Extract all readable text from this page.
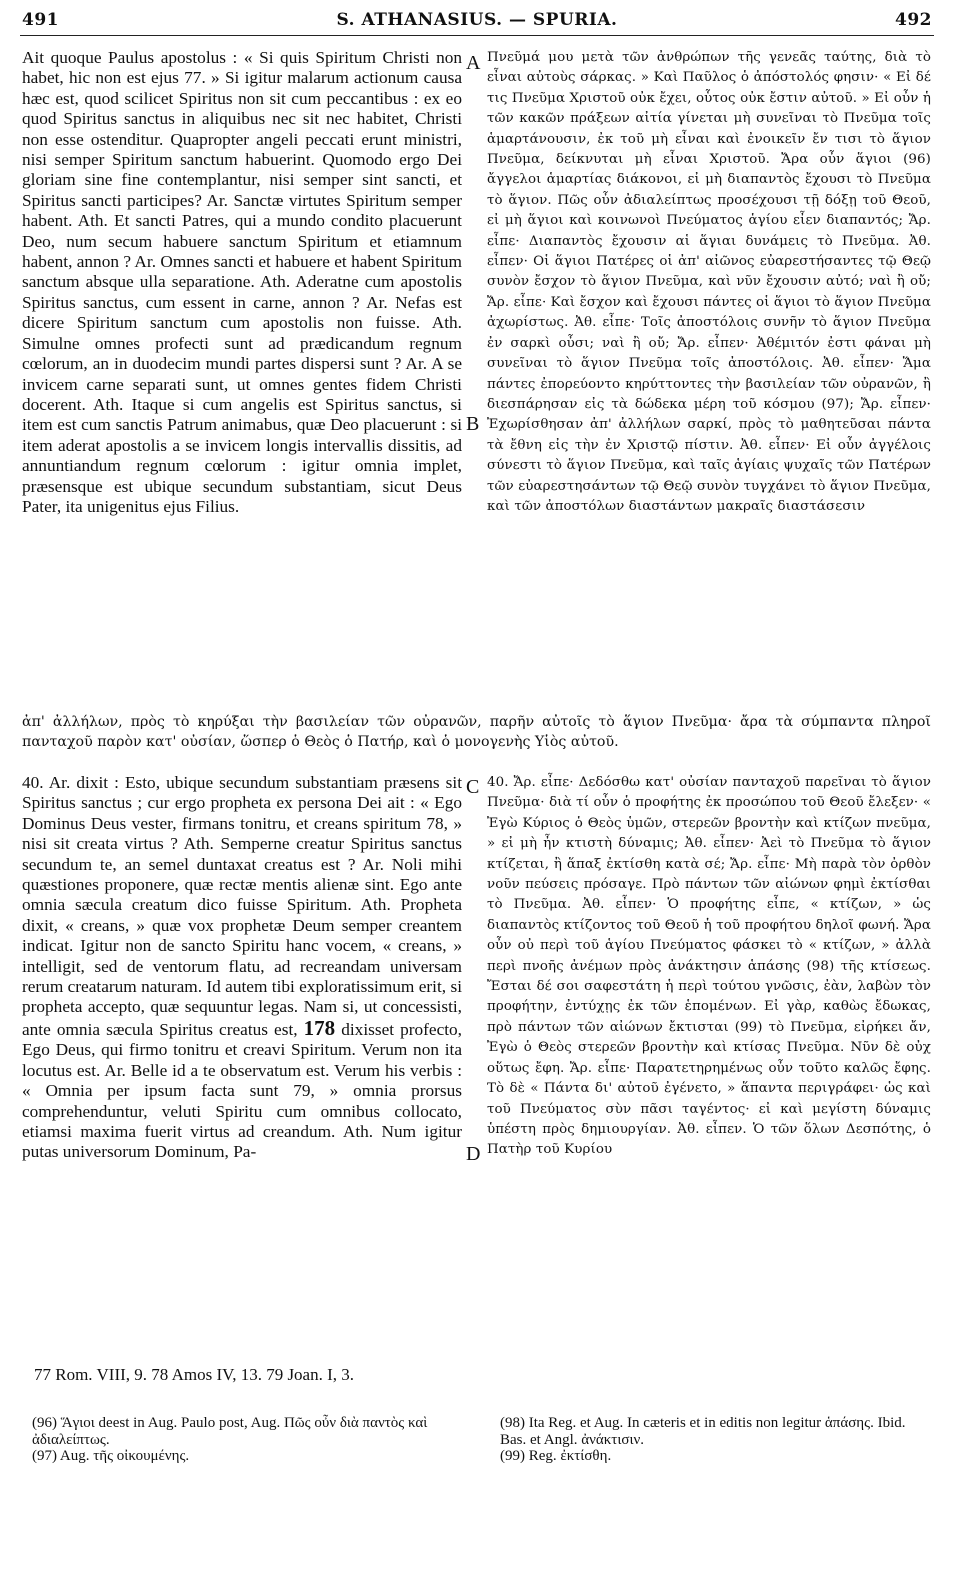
491	S. ATHANASIUS. — SPURIA.	492

Ait quoque Paulus apostolus : « Si quis Spiritum Christi non habet, hic non est ejus 77. » Si igitur malarum actionum causa hæc est, quod scilicet Spiritus non sit cum peccantibus : ex eo quod Spiritus sanctus in aliquibus nec sit nec habitet, Christi non esse ostenditur. Quapropter angeli peccati erunt ministri, nisi semper Spiritum sanctum habuerint. Quomodo ergo Dei gloriam sine fine contemplantur, nisi semper sint sancti, et Spiritus sancti participes? Ar. Sanctæ virtutes Spiritum semper habent. Ath. Et sancti Patres, qui a mundo condito placuerunt Deo, num secum habuere sanctum Spiritum et etiamnum habent, annon ? Ar. Omnes sancti et habuere et habent Spiritum sanctum absque ulla separatione. Ath. Aderatne cum apostolis Spiritus sanctus, cum essent in carne, annon ? Ar. Nefas est dicere Spiritum sanctum cum apostolis non fuisse. Ath. Simulne omnes profecti sunt ad prædicandum regnum cœlorum, an in duodecim mundi partes dispersi sunt ? Ar. A se invicem carne separati sunt, ut omnes gentes fidem Christi docerent. Ath. Itaque si cum angelis est Spiritus sanctus, si item est cum sanctis Patrum animabus, quæ Deo placuerunt : si item aderat apostolis a se invicem longis intervallis dissitis, ad annuntiandum regnum cœlorum : igitur omnia implet, præsensque est ubique secundum substantiam, sicut Deus Pater, ita unigenitus ejus Filius.

Πνεῦμά μου μετὰ τῶν ἀνθρώπων τῆς γενεᾶς ταύτης, διὰ τὸ εἶναι αὐτοὺς σάρκας. » Καὶ Παῦλος ὁ ἀπόστολός φησιν· « Εἰ δέ τις Πνεῦμα Χριστοῦ οὐκ ἔχει, οὗτος οὐκ ἔστιν αὐτοῦ. » Εἰ οὖν ἡ τῶν κακῶν πράξεων αἰτία γίνεται μὴ συνεῖναι τὸ Πνεῦμα τοῖς ἁμαρτάνουσιν, ἐκ τοῦ μὴ εἶναι καὶ ἐνοικεῖν ἔν τισι τὸ ἅγιον Πνεῦμα, δείκνυται μὴ εἶναι Χριστοῦ. Ἄρα οὖν ἅγιοι (96) ἄγγελοι ἁμαρτίας διάκονοι, εἰ μὴ διαπαντὸς ἔχουσι τὸ Πνεῦμα τὸ ἅγιον. Πῶς οὖν ἀδιαλείπτως προσέχουσι τῇ δόξῃ τοῦ Θεοῦ, εἰ μὴ ἅγιοι καὶ κοινωνοὶ Πνεύματος ἁγίου εἶεν διαπαντός; Ἄρ. εἶπε· Διαπαντὸς ἔχουσιν αἱ ἅγιαι δυνάμεις τὸ Πνεῦμα. Ἀθ. εἶπεν· Οἱ ἅγιοι Πατέρες οἱ ἀπ' αἰῶνος εὐαρεστήσαντες τῷ Θεῷ συνὸν ἔσχον τὸ ἅγιον Πνεῦμα, καὶ νῦν ἔχουσιν αὐτό; ναὶ ἢ οὔ; Ἄρ. εἶπε· Καὶ ἔσχον καὶ ἔχουσι πάντες οἱ ἅγιοι τὸ ἅγιον Πνεῦμα ἀχωρίστως. Ἀθ. εἶπε· Τοῖς ἀποστόλοις συνῆν τὸ ἅγιον Πνεῦμα ἐν σαρκὶ οὖσι; ναὶ ἢ οὔ; Ἄρ. εἶπεν· Ἀθέμιτόν ἐστι φάναι μὴ συνεῖναι τὸ ἅγιον Πνεῦμα τοῖς ἀποστόλοις. Ἀθ. εἶπεν· Ἅμα πάντες ἐπορεύοντο κηρύττοντες τὴν βασιλείαν τῶν οὐρανῶν, ἢ διεσπάρησαν εἰς τὰ δώδεκα μέρη τοῦ κόσμου (97); Ἄρ. εἶπεν· Ἐχωρίσθησαν ἀπ' ἀλλήλων σαρκί, πρὸς τὸ μαθητεῦσαι πάντα τὰ ἔθνη εἰς τὴν ἐν Χριστῷ πίστιν. Ἀθ. εἶπεν· Εἰ οὖν ἀγγέλοις σύνεστι τὸ ἅγιον Πνεῦμα, καὶ ταῖς ἁγίαις ψυχαῖς τῶν Πατέρων τῶν εὐαρεστησάντων τῷ Θεῷ συνὸν τυγχάνει τὸ ἅγιον Πνεῦμα, καὶ τῶν ἀποστόλων διαστάντων μακραῖς διαστάσεσιν

A
B
C
D

ἀπ' ἀλλήλων, πρὸς τὸ κηρύξαι τὴν βασιλείαν τῶν οὐρανῶν, παρῆν αὐτοῖς τὸ ἅγιον Πνεῦμα· ἄρα τὰ σύμπαντα πληροῖ πανταχοῦ παρὸν κατ' οὐσίαν, ὥσπερ ὁ Θεὸς ὁ Πατήρ, καὶ ὁ μονογενὴς Υἱὸς αὐτοῦ.

40. Ar. dixit : Esto, ubique secundum substantiam præsens sit Spiritus sanctus ; cur ergo propheta ex persona Dei ait : « Ego Dominus Deus vester, firmans tonitru, et creans spiritum 78, » nisi sit creata virtus ? Ath. Semperne creatur Spiritus sanctus secundum te, an semel duntaxat creatus est ? Ar. Noli mihi quæstiones proponere, quæ rectæ mentis alienæ sint. Ego ante omnia sæcula creatum dico fuisse Spiritum. Ath. Propheta dixit, « creans, » quæ vox prophetæ Deum semper creantem indicat. Igitur non de sancto Spiritu hanc vocem, « creans, » intelligit, sed de ventorum flatu, ad recreandam universam rerum creatarum naturam. Id autem tibi exploratissimum erit, si propheta accepto, quæ sequuntur legas. Nam si, ut concessisti, ante omnia sæcula Spiritus creatus est, 178 dixisset profecto, Ego Deus, qui firmo tonitru et creavi Spiritum. Verum non ita locutus est. Ar. Belle id a te observatum est. Verum his verbis : « Omnia per ipsum facta sunt 79, » omnia prorsus comprehenduntur, veluti Spiritu cum omnibus collocato, etiamsi maxima fuerit virtus ad creandum. Ath. Num igitur putas universorum Dominum, Pa-

40. Ἄρ. εἶπε· Δεδόσθω κατ' οὐσίαν πανταχοῦ παρεῖναι τὸ ἅγιον Πνεῦμα· διὰ τί οὖν ὁ προφήτης ἐκ προσώπου τοῦ Θεοῦ ἔλεξεν· « Ἐγὼ Κύριος ὁ Θεὸς ὑμῶν, στερεῶν βροντὴν καὶ κτίζων πνεῦμα, » εἰ μὴ ἦν κτιστὴ δύναμις; Ἀθ. εἶπεν· Ἀεὶ τὸ Πνεῦμα τὸ ἅγιον κτίζεται, ἢ ἅπαξ ἐκτίσθη κατὰ σέ; Ἄρ. εἶπε· Μὴ παρὰ τὸν ὀρθὸν νοῦν πεύσεις πρόσαγε. Πρὸ πάντων τῶν αἰώνων φημὶ ἐκτίσθαι τὸ Πνεῦμα. Ἀθ. εἶπεν· Ὁ προφήτης εἶπε, « κτίζων, » ὡς διαπαντὸς κτίζοντος τοῦ Θεοῦ ἡ τοῦ προφήτου δηλοῖ φωνή. Ἄρα οὖν οὐ περὶ τοῦ ἁγίου Πνεύματος φάσκει τὸ « κτίζων, » ἀλλὰ περὶ πνοῆς ἀνέμων πρὸς ἀνάκτησιν ἁπάσης (98) τῆς κτίσεως. Ἔσται δέ σοι σαφεστάτη ἡ περὶ τούτου γνῶσις, ἐὰν, λαβὼν τὸν προφήτην, ἐντύχῃς ἐκ τῶν ἑπομένων. Εἰ γὰρ, καθὼς ἔδωκας, πρὸ πάντων τῶν αἰώνων ἔκτισται (99) τὸ Πνεῦμα, εἰρήκει ἄν, Ἐγὼ ὁ Θεὸς στερεῶν βροντὴν καὶ κτίσας Πνεῦμα. Νῦν δὲ οὐχ οὕτως ἔφη. Ἄρ. εἶπε· Παρατετηρημένως οὖν τοῦτο καλῶς ἔφης. Τὸ δὲ « Πάντα δι' αὐτοῦ ἐγένετο, » ἅπαντα περιγράφει· ὡς καὶ τοῦ Πνεύματος σὺν πᾶσι ταγέντος· εἰ καὶ μεγίστη δύναμις ὑπέστη πρὸς δημιουργίαν. Ἀθ. εἶπεν. Ὁ τῶν ὅλων Δεσπότης, ὁ Πατὴρ τοῦ Κυρίου

77 Rom. VIII, 9. 78 Amos IV, 13. 79 Joan. I, 3.
(96) Ἅγιοι deest in Aug. Paulo post, Aug. Πῶς οὖν διὰ παντὸς καὶ ἀδιαλείπτως.
(97) Aug. τῆς οἰκουμένης.
(98) Ita Reg. et Aug. In cæteris et in editis non legitur ἁπάσης. Ibid. Bas. et Angl. ἀνάκτισιν.
(99) Reg. ἐκτίσθη.
